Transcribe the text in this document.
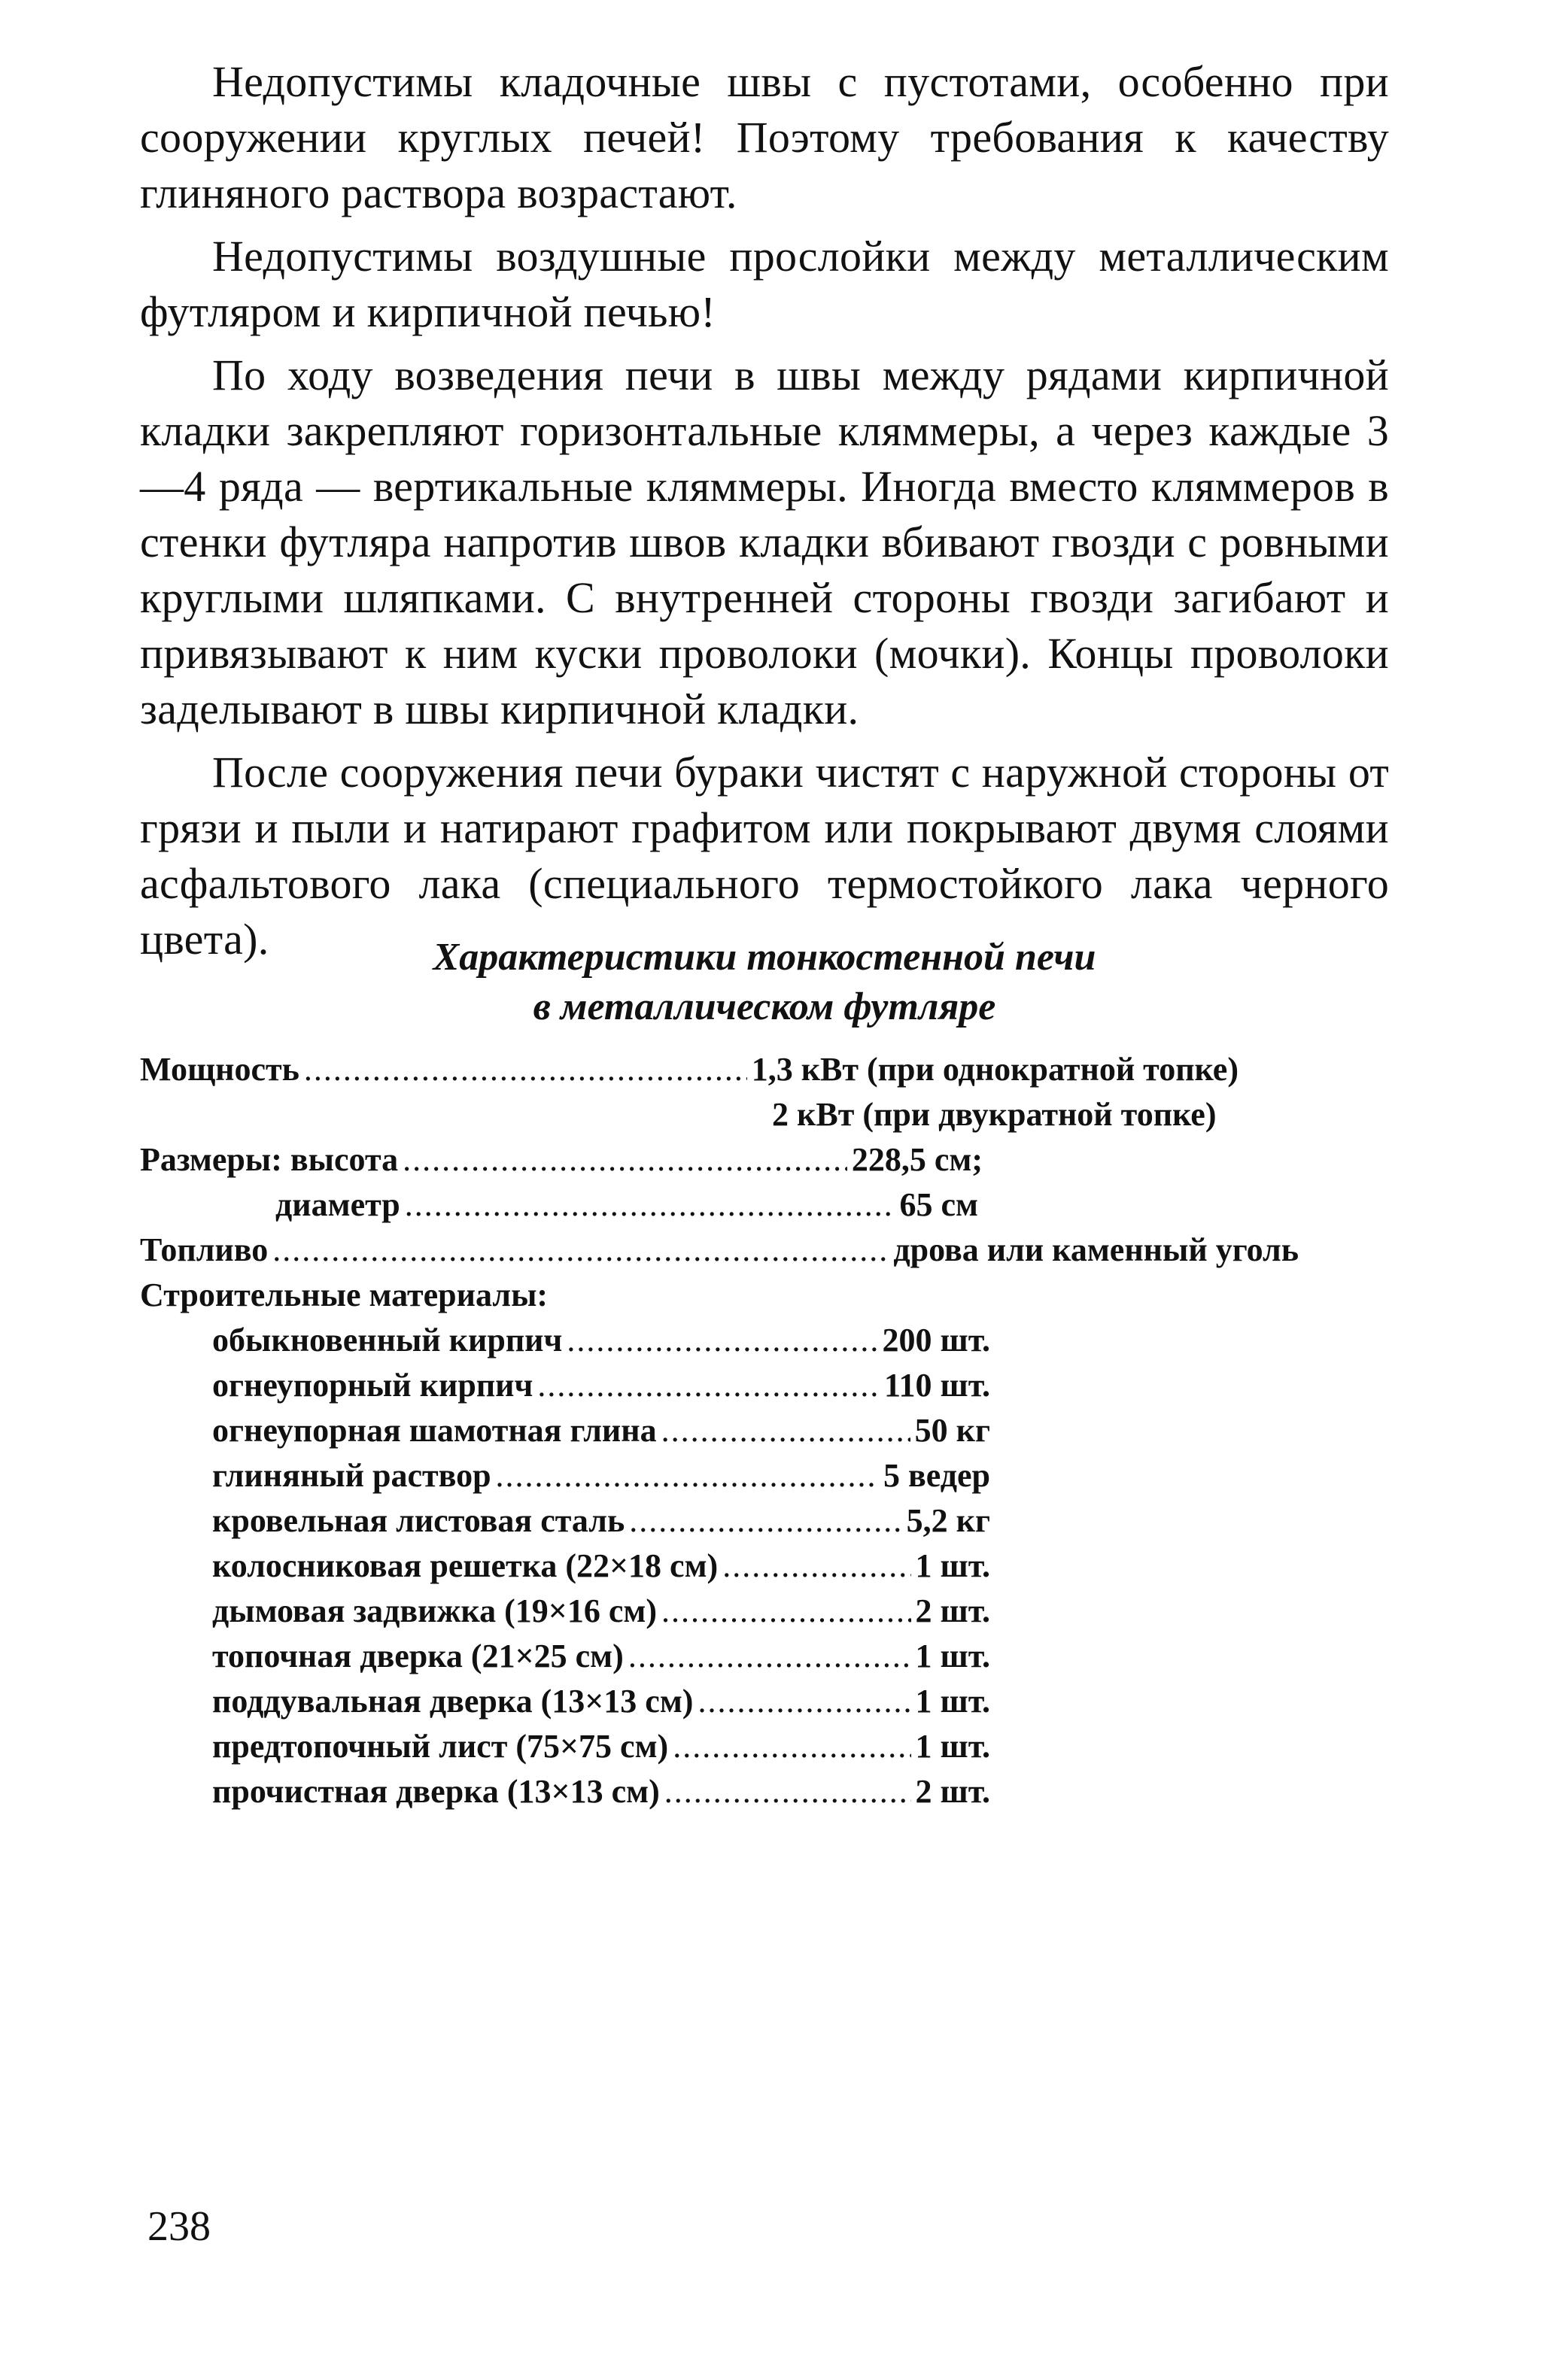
Недопустимы кладочные швы с пустотами, особенно при сооружении круглых печей! Поэтому требования к качеству глиняного раствора возрастают.

Недопустимы воздушные прослойки между металлическим футляром и кирпичной печью!

По ходу возведения печи в швы между рядами кирпичной кладки закрепляют горизонтальные кляммеры, а через каждые 3—4 ряда — вертикальные кляммеры. Иногда вместо кляммеров в стенки футляра напротив швов кладки вбивают гвозди с ровными круглыми шляпками. С внутренней стороны гвозди загибают и привязывают к ним куски проволоки (мочки). Концы проволоки заделывают в швы кирпичной кладки.

После сооружения печи бураки чистят с наружной стороны от грязи и пыли и натирают графитом или покрывают двумя слоями асфальтового лака (специального термостойкого лака черного цвета).	Характеристики тонкостенной печи
в металлическом футляре
Мощность .....	1,3 кВт (при однократной топке)
2 кВт (при двукратной топке)
Размеры: высота .....	228,5 см;
диаметр .....	65 см
Топливо .....	дрова или каменный уголь
Строительные материалы:
обыкновенный кирпич .....	200 шт.
огнеупорный кирпич .....	110 шт.
огнеупорная шамотная глина .....	50 кг
глиняный раствор .....	5 ведер
кровельная листовая сталь .....	5,2 кг
колосниковая решетка (22×18 см) .....	1 шт.
дымовая задвижка (19×16 см) .....	2 шт.
топочная дверка (21×25 см) .....	1 шт.
поддувальная дверка (13×13 см) .....	1 шт.
предтопочный лист (75×75 см) .....	1 шт.
прочистная дверка (13×13 см) .....	2 шт.
238
